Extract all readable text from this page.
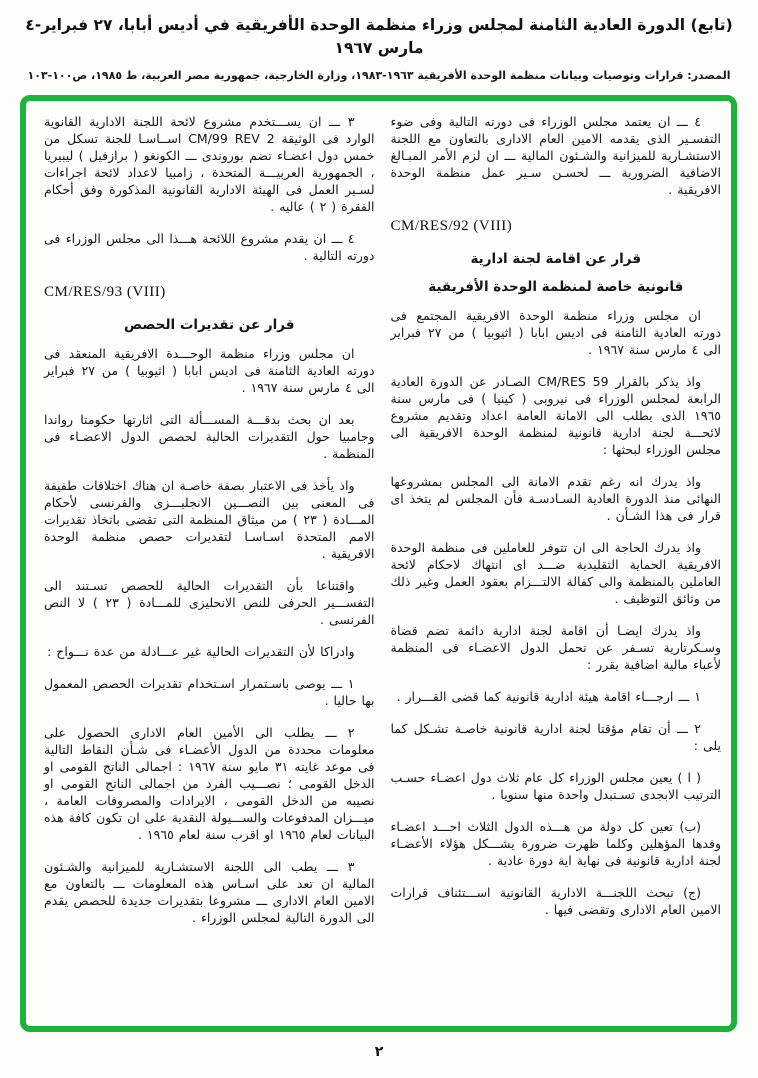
(تابع) الدورة العادية الثامنة لمجلس وزراء منظمة الوحدة الأفريقية في أديس أبابا، ٢٧ فبراير-٤ مارس ١٩٦٧
المصدر: قرارات وتوصيات وبيانات منظمة الوحدة الأفريقية ١٩٦٣-١٩٨٣، وزارة الخارجية، جمهورية مصر العربية، ط ١٩٨٥، ص١٠٠-١٠٣
٤ ـــ ان يعتمد مجلس الوزراء فى دورته التالية وفى ضوء التفسـير الذى يقدمه الامين العام الادارى بالتعاون مع اللجنة الاستشـارية للميزانية والشـئون المالية ـــ ان لزم الأمر المبـالغ الاضافية الضرورية ـــ لحسـن سـير عمل منظمة الوحدة الافريقية .
CM/RES/92 (VIII)
قرار عن اقامة لجنة ادارية
قانونية خاصة لمنظمة الوحدة الأفريقية
ان مجلس وزراء منظمة الوحدة الافريقية المجتمع فى دورته العادية الثامنة فى اديس ابابا ( اثيوبيا ) من ٢٧ فبراير الى ٤ مارس سنة ١٩٦٧ .
واذ يذكر بالقرار CM/RES 59 الصـادر عن الدورة العادية الرابعة لمجلس الوزراء فى نيروبى ( كينيا ) فى مارس سنة ١٩٦٥ الذى يطلب الى الامانة العامة اعداد وتقديم مشروع لائحـــة لجنة ادارية قانونية لمنظمة الوحدة الافريقية الى مجلس الوزراء لبحثها :
واذ يدرك انه رغم تقدم الامانة الى المجلس بمشروعها النهائى منذ الدورة العادية السـادسـة فأن المجلس لم يتخذ اى قرار فى هذا الشـأن .
واذ يدرك الحاجة الى ان تتوفر للعاملين فى منظمة الوحدة الافريقية الحماية التقليدية ضـــد اى انتهاك لاحكام لائحة العاملين بالمنظمة والى كفالة الالتـــزام بعقود العمل وغير ذلك من وثائق التوظيف .
واذ يدرك ايضـا أن اقامة لجنة ادارية دائمة تضم قضاة وسـكرتارية تسـفر عن تحمل الدول الاعضـاء فى المنظمة لأعباء مالية اضافية يقرر :
١ ـــ ارجـــاء اقامة هيئة ادارية قانونية كما قضى القـــرار .
٢ ـــ أن تقام مؤقتا لجنة ادارية قانونية خاصـة تشـكل كما يلى :
( ا ) يعين مجلس الوزراء كل عام ثلاث دول اعضـاء حسـب الترتيب الابجدى تسـتبدل واحدة منها سنويا .
(ب) تعين كل دولة من هـــذه الدول الثلاث احـــد اعضـاء وفدها المؤهلين وكلما ظهرت ضرورة يشـــكل هؤلاء الأعضـاء لجنة ادارية قانونية فى نهاية اية دورة عادية .
(ج) تبحث اللجنـــة الادارية القانونية اســـتئناف قرارات الامين العام الادارى وتقضى فيها .
٣ ـــ ان يســـتخدم مشروع لائحة اللجنة الادارية القانوية الوارد فى الوثيقة CM/99 REV 2 اســاسـا للجنة تسكل من خمس دول اعضـاء تضم بوروندى ـــ الكونغو ( برازفيل ) ليبيريا ، الجمهورية العربيـــة المتحدة ، زامبيا لاعداد لائحة اجراءات لسـير العمل فى الهيئة الادارية القانونية المذكورة وفق أحكام الفقرة ( ٢ ) عاليه .
٤ ـــ ان يقدم مشروع اللائحة هـــذا الى مجلس الوزراء فى دورته التالية .
CM/RES/93 (VIII)
قرار عن تقديرات الحصص
ان مجلس وزراء منظمة الوحـــدة الافريقية المنعقد فى دورته العادية الثامنة فى اديس ابابا ( اثيوبيا ) من ٢٧ فبراير الى ٤ مارس سنة ١٩٦٧ .
بعد ان بحث بدقـــة المســـألة التى اثارتها حكومتا رواندا وجامبيا حول التقديرات الحالية لحصص الدول الاعضـاء فى المنظمة .
واذ يأخذ فى الاعتبار بصفة خاصـة ان هناك اختلافات طفيفة فى المعنى بين النصـــين الانجليـــزى والفرنسى لأحكام المـــادة ( ٢٣ ) من ميثاق المنظمة التى تقضى باتخاذ تقديرات الامم المتحدة اسـاسـا لتقديرات حصص منظمة الوحدة الافريقية .
واقتناعا بأن التقديرات الحالية للحصص تسـتند الى التفســـير الحرفى للنص الانحليزى للمـــادة ( ٢٣ ) لا النص الفرنسى .
وادراكا لأن التقديرات الحالية غير عـــادلة من عدة نـــواح :
١ ـــ يوصى باسـتمرار اسـتخدام تقديرات الحصص المعمول بها حاليا .
٢ ـــ يطلب الى الأمين العام الادارى الحصول على معلومات محددة من الدول الأعضـاء فى شـأن النقاط التالية فى موعد غايته ٣١ مايو سنة ١٩٦٧ : اجمالى الناتج القومى او الدخل القومى ؛ نصـــيب الفرد من اجمالى الناتج القومى او نصيبه من الدخل القومى ، الايرادات والمصروفات العامة ، ميـــزان المدفوعات والســـيولة النقدية على ان تكون كافة هذه البيانات لعام ١٩٦٥ او اقرب سنة لعام ١٩٦٥ .
٣ ـــ يطب الى اللجنة الاستشـارية للميزانية والشـئون المالية ان تعد على اسـاس هذه المعلومات ـــ بالتعاون مع الامين العام الادارى ـــ مشروعا بتقديرات جديدة للحصص يقدم الى الدورة التالية لمجلس الوزراء .
٢
